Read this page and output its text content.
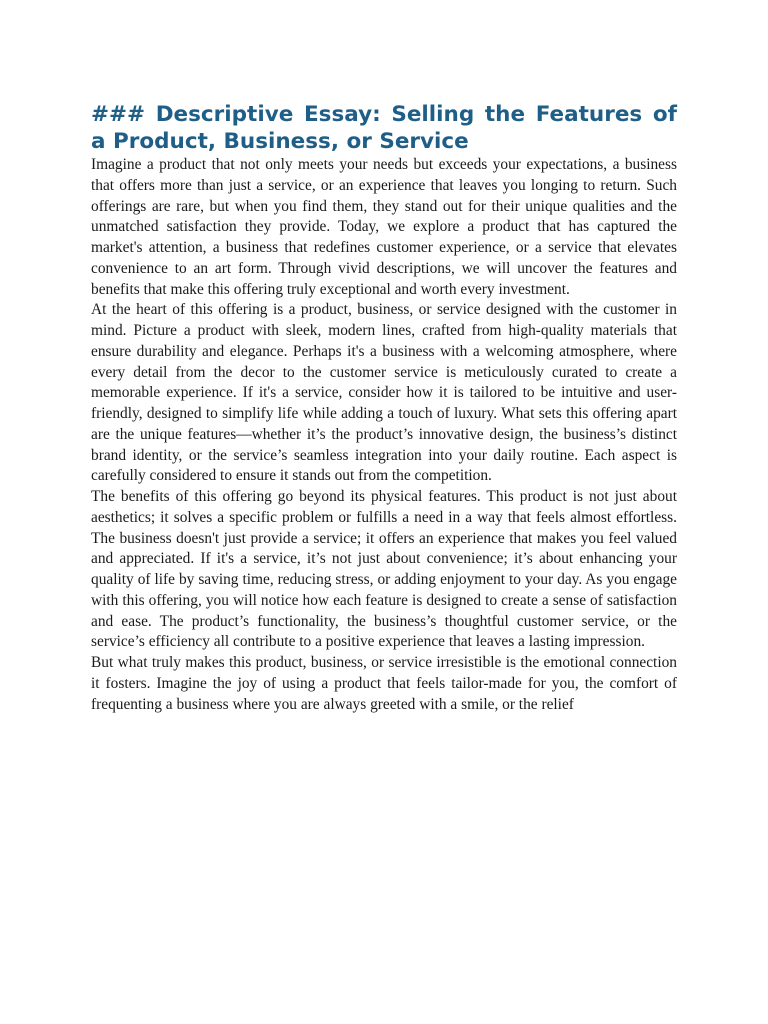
### Descriptive Essay: Selling the Features of a Product, Business, or Service

Imagine a product that not only meets your needs but exceeds your expectations, a business that offers more than just a service, or an experience that leaves you longing to return. Such offerings are rare, but when you find them, they stand out for their unique qualities and the unmatched satisfaction they provide. Today, we explore a product that has captured the market's attention, a business that redefines customer experience, or a service that elevates convenience to an art form. Through vivid descriptions, we will uncover the features and benefits that make this offering truly exceptional and worth every investment.

At the heart of this offering is a product, business, or service designed with the customer in mind. Picture a product with sleek, modern lines, crafted from high-quality materials that ensure durability and elegance. Perhaps it's a business with a welcoming atmosphere, where every detail from the decor to the customer service is meticulously curated to create a memorable experience. If it's a service, consider how it is tailored to be intuitive and user-friendly, designed to simplify life while adding a touch of luxury. What sets this offering apart are the unique features—whether it’s the product’s innovative design, the business’s distinct brand identity, or the service’s seamless integration into your daily routine. Each aspect is carefully considered to ensure it stands out from the competition.

The benefits of this offering go beyond its physical features. This product is not just about aesthetics; it solves a specific problem or fulfills a need in a way that feels almost effortless. The business doesn't just provide a service; it offers an experience that makes you feel valued and appreciated. If it's a service, it’s not just about convenience; it’s about enhancing your quality of life by saving time, reducing stress, or adding enjoyment to your day. As you engage with this offering, you will notice how each feature is designed to create a sense of satisfaction and ease. The product’s functionality, the business’s thoughtful customer service, or the service’s efficiency all contribute to a positive experience that leaves a lasting impression.

But what truly makes this product, business, or service irresistible is the emotional connection it fosters. Imagine the joy of using a product that feels tailor-made for you, the comfort of frequenting a business where you are always greeted with a smile, or the relief
